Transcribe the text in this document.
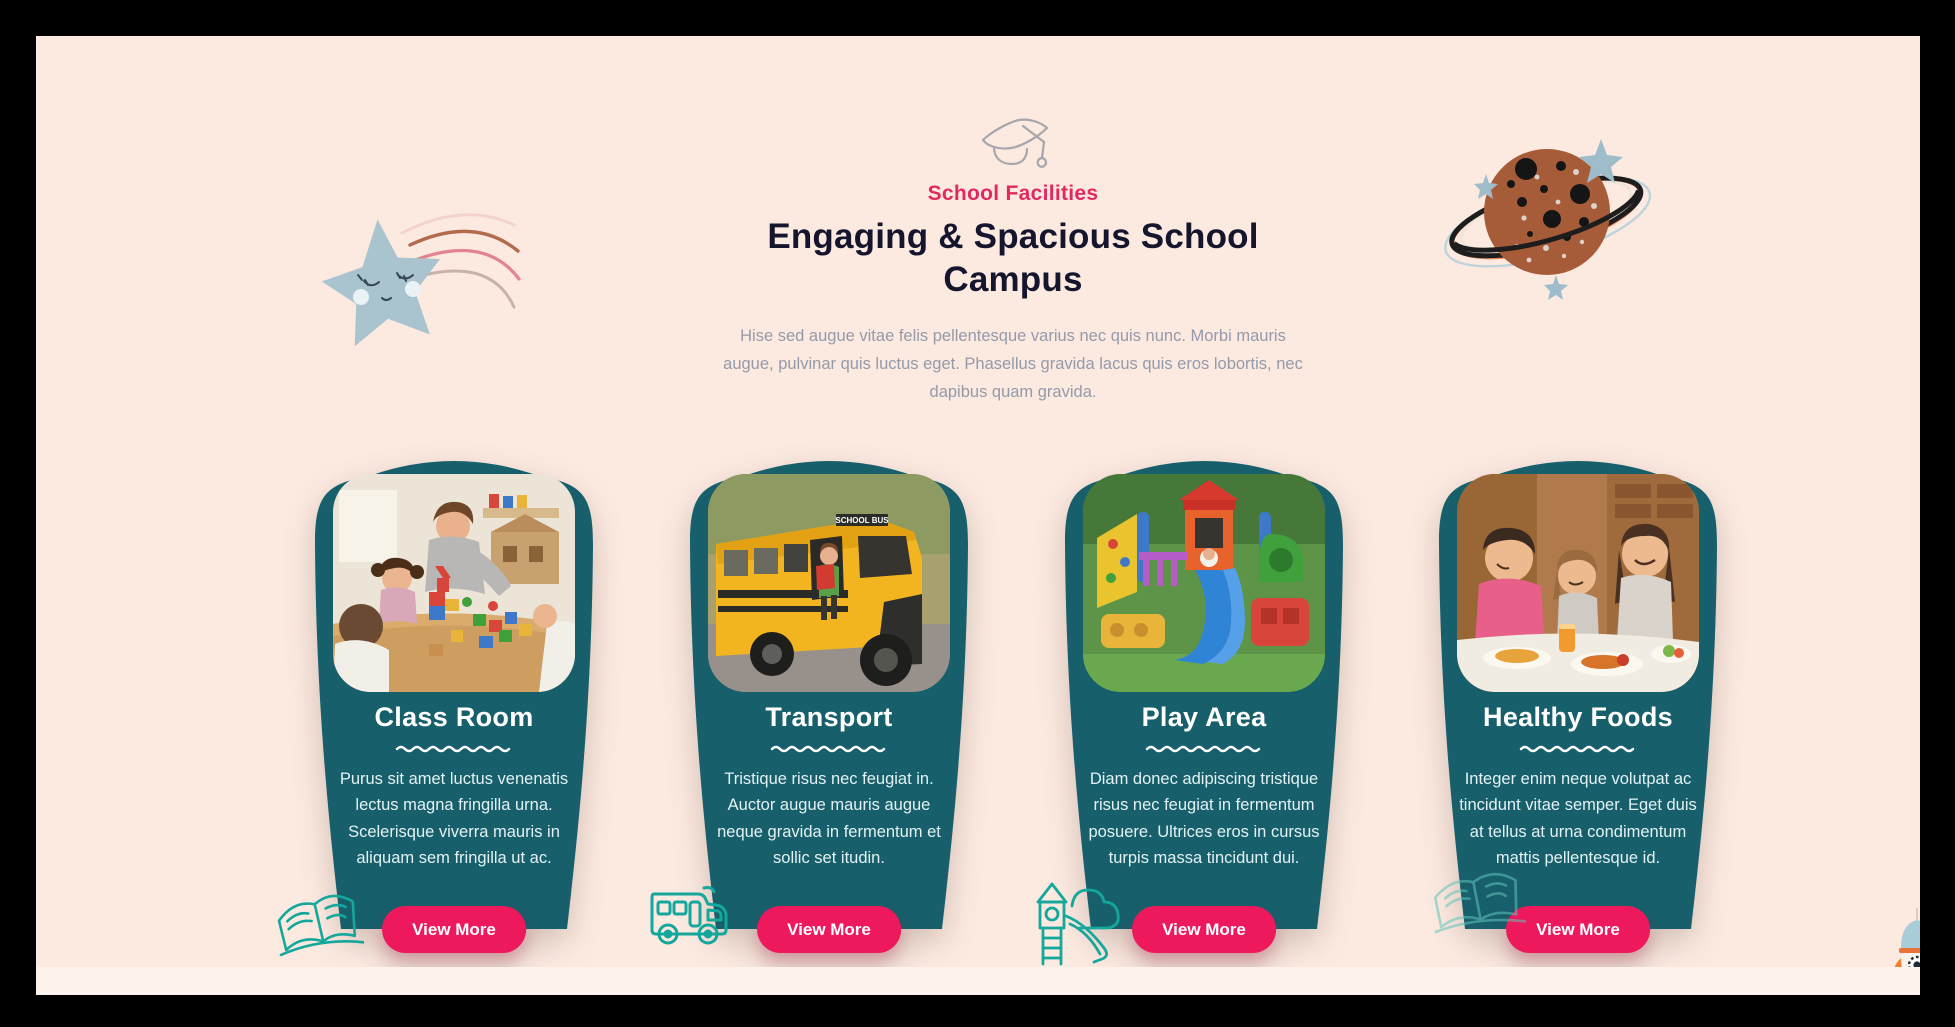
School Facilities
Engaging & Spacious School
Campus
Hise sed augue vitae felis pellentesque varius nec quis nunc. Morbi mauris augue, pulvinar quis luctus eget. Phasellus gravida lacus quis eros lobortis, nec dapibus quam gravida.
Class Room
Purus sit amet luctus venenatis lectus magna fringilla urna. Scelerisque viverra mauris in aliquam sem fringilla ut ac.
View More
SCHOOL BUS
Transport
Tristique risus nec feugiat in. Auctor augue mauris augue neque gravida in fermentum et sollic set itudin.
View More
Play Area
Diam donec adipiscing tristique risus nec feugiat in fermentum posuere. Ultrices eros in cursus turpis massa tincidunt dui.
View More
Healthy Foods
Integer enim neque volutpat ac tincidunt vitae semper. Eget duis at tellus at urna condimentum mattis pellentesque id.
View More
